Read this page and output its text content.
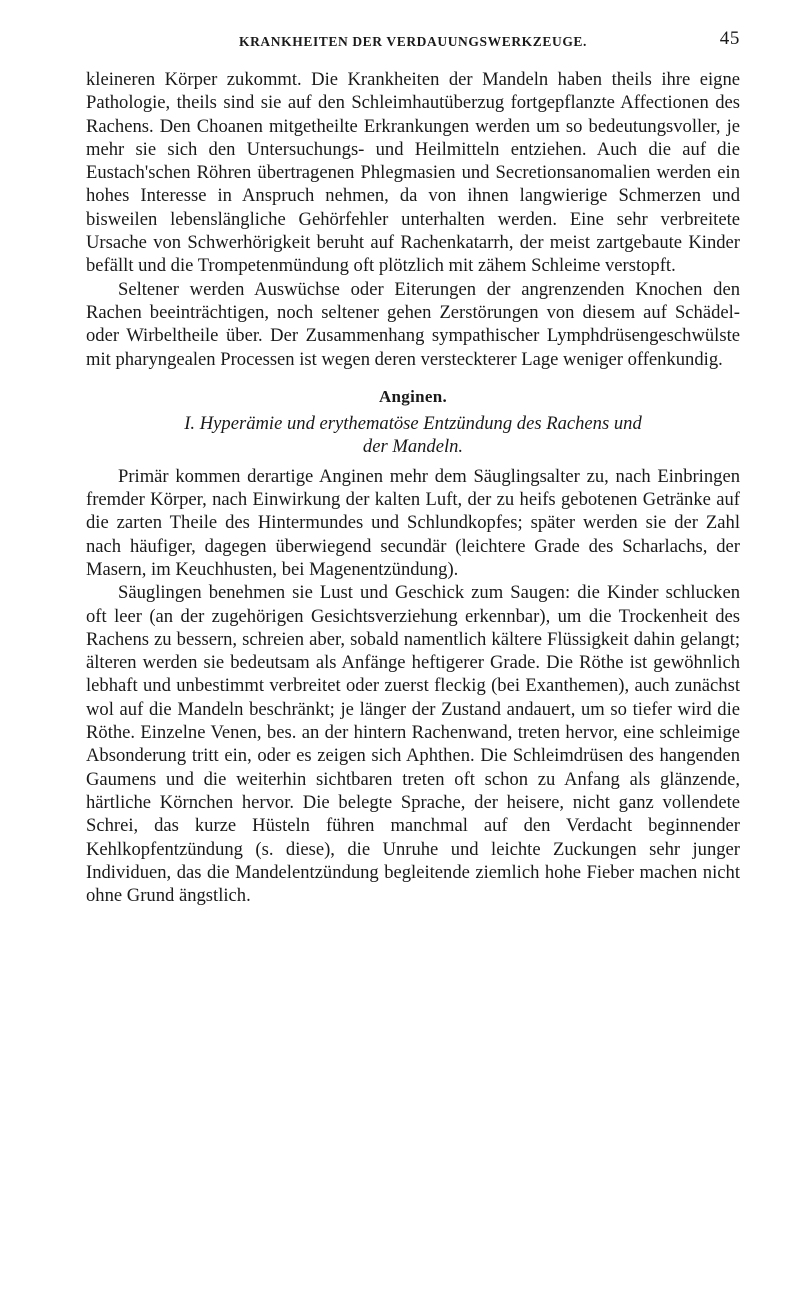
KRANKHEITEN DER VERDAUUNGSWERKZEUGE.	45

kleineren Körper zukommt. Die Krankheiten der Mandeln haben theils ihre eigne Pathologie, theils sind sie auf den Schleimhautüberzug fortgepflanzte Affectionen des Rachens. Den Choanen mitgetheilte Erkrankungen werden um so bedeutungsvoller, je mehr sie sich den Untersuchungs- und Heilmitteln entziehen. Auch die auf die Eustach'schen Röhren übertragenen Phlegmasien und Secretionsanomalien werden ein hohes Interesse in Anspruch nehmen, da von ihnen langwierige Schmerzen und bisweilen lebenslängliche Gehörfehler unterhalten werden. Eine sehr verbreitete Ursache von Schwerhörigkeit beruht auf Rachenkatarrh, der meist zartgebaute Kinder befällt und die Trompetenmündung oft plötzlich mit zähem Schleime verstopft.

Seltener werden Auswüchse oder Eiterungen der angrenzenden Knochen den Rachen beeinträchtigen, noch seltener gehen Zerstörungen von diesem auf Schädel- oder Wirbeltheile über. Der Zusammenhang sympathischer Lymphdrüsengeschwülste mit pharyngealen Processen ist wegen deren versteckterer Lage weniger offenkundig.

Anginen.
I. Hyperämie und erythematöse Entzündung des Rachens und
der Mandeln.

Primär kommen derartige Anginen mehr dem Säuglingsalter zu, nach Einbringen fremder Körper, nach Einwirkung der kalten Luft, der zu heifs gebotenen Getränke auf die zarten Theile des Hintermundes und Schlundkopfes; später werden sie der Zahl nach häufiger, dagegen überwiegend secundär (leichtere Grade des Scharlachs, der Masern, im Keuchhusten, bei Magenentzündung).

Säuglingen benehmen sie Lust und Geschick zum Saugen: die Kinder schlucken oft leer (an der zugehörigen Gesichtsverziehung erkennbar), um die Trockenheit des Rachens zu bessern, schreien aber, sobald namentlich kältere Flüssigkeit dahin gelangt; älteren werden sie bedeutsam als Anfänge heftigerer Grade. Die Röthe ist gewöhnlich lebhaft und unbestimmt verbreitet oder zuerst fleckig (bei Exanthemen), auch zunächst wol auf die Mandeln beschränkt; je länger der Zustand andauert, um so tiefer wird die Röthe. Einzelne Venen, bes. an der hintern Rachenwand, treten hervor, eine schleimige Absonderung tritt ein, oder es zeigen sich Aphthen. Die Schleimdrüsen des hangenden Gaumens und die weiterhin sichtbaren treten oft schon zu Anfang als glänzende, härtliche Körnchen hervor. Die belegte Sprache, der heisere, nicht ganz vollendete Schrei, das kurze Hüsteln führen manchmal auf den Verdacht beginnender Kehlkopfentzündung (s. diese), die Unruhe und leichte Zuckungen sehr junger Individuen, das die Mandelentzündung begleitende ziemlich hohe Fieber machen nicht ohne Grund ängstlich.
